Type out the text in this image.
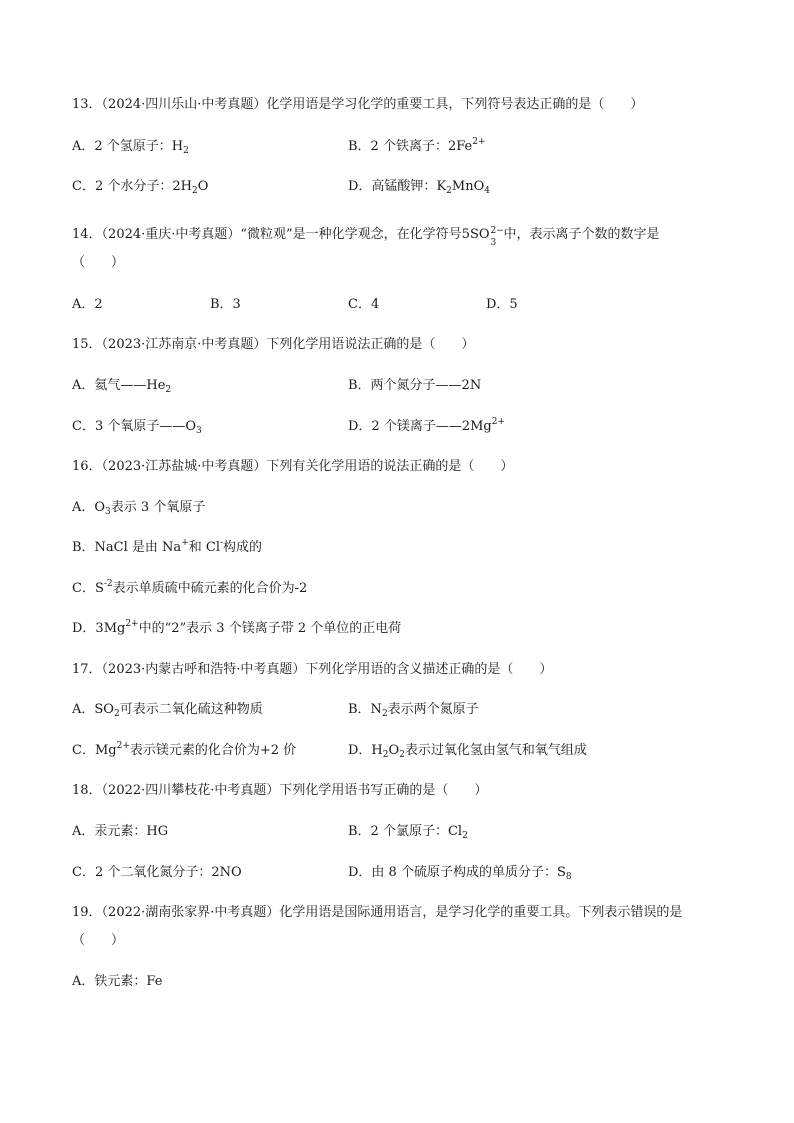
13．（2024·四川乐山·中考真题）化学用语是学习化学的重要工具，下列符号表达正确的是（　　）
A．2 个氢原子：$H_2$	B．2 个铁离子：$2Fe^{2+}$
C．2 个水分子：$2H_2O$	D．高锰酸钾：$K_2MnO_4$
14．（2024·重庆·中考真题）“微粒观”是一种化学观念，在化学符号5SO 2−
3
中，表示离子个数的数字是
（　　）
A．2	B．3	C．4	D．5
15．（2023·江苏南京·中考真题）下列化学用语说法正确的是（　　）
A．氦气$——He_2$	B．两个氮分子——2N
C．3 个氧原子$——O_3$	D．2 个镁离子$——2Mg^{2+}$
16．（2023·江苏盐城·中考真题）下列有关化学用语的说法正确的是（　　）
A．$O_3$表示 3 个氧原子
B．NaCl 是由 Na+和 Cl-构成的
C．$S^{-2}$表示单质硫中硫元素的化合价为-2
D．$3Mg^{2+}$中的“2”表示 3 个镁离子带 2 个单位的正电荷
17．（2023·内蒙古呼和浩特·中考真题）下列化学用语的含义描述正确的是（　　）
A．$SO_2$可表示二氧化硫这种物质	B．$N_2$表示两个氮原子
C．$Mg^{2+}$表示镁元素的化合价为+2 价	D．$H_2O_2$表示过氧化氢由氢气和氧气组成
18．（2022·四川攀枝花·中考真题）下列化学用语书写正确的是（　　）
A．汞元素：HG	B．2 个氯原子：$Cl_2$
C．2 个二氧化氮分子：2NO	D．由 8 个硫原子构成的单质分子：$S_8$
19．（2022·湖南张家界·中考真题）化学用语是国际通用语言，是学习化学的重要工具。下列表示错误的是
（　　）
A．铁元素：Fe
